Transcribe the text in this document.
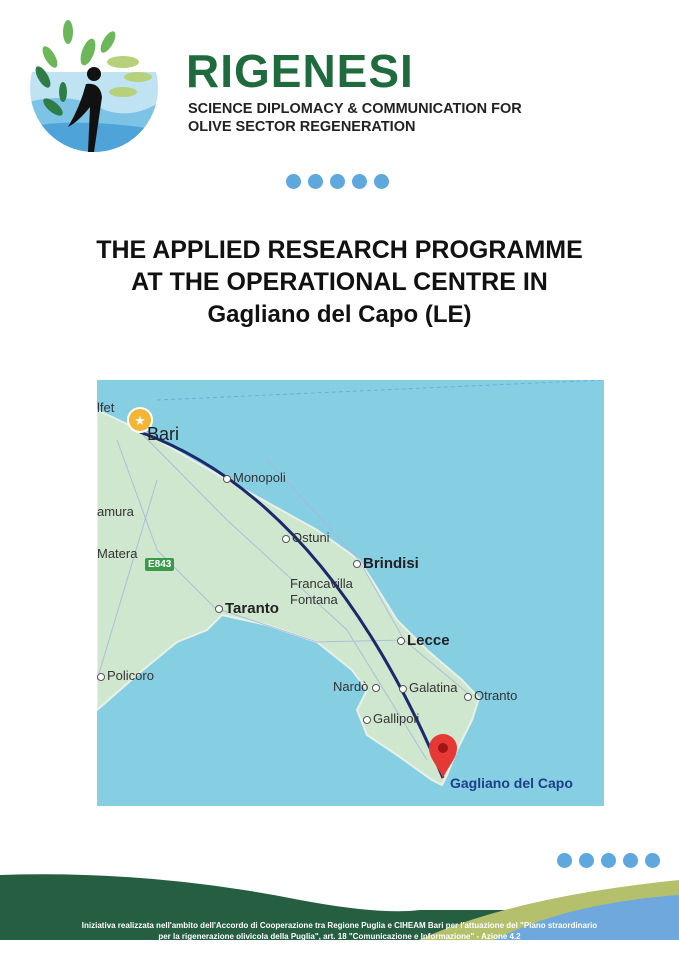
RIGENESI
SCIENCE DIPLOMACY & COMMUNICATION FOR
OLIVE SECTOR REGENERATION
THE APPLIED RESEARCH PROGRAMME
AT THE OPERATIONAL CENTRE IN
Gagliano del Capo (LE)
★
lfet
Bari
Monopoli
amura
Matera
E843
Ostuni
Brindisi
Francavilla
Fontana
Taranto
Lecce
Policoro
Nardò	Galatina
Otranto
Gallipoli
Gagliano del Capo
Iniziativa realizzata nell'ambito dell'Accordo di Cooperazione tra Regione Puglia e CIHEAM Bari per l'attuazione del "Piano straordinario
per la rigenerazione olivicola della Puglia", art. 18 "Comunicazione e Informazione" - Azione 4.2
